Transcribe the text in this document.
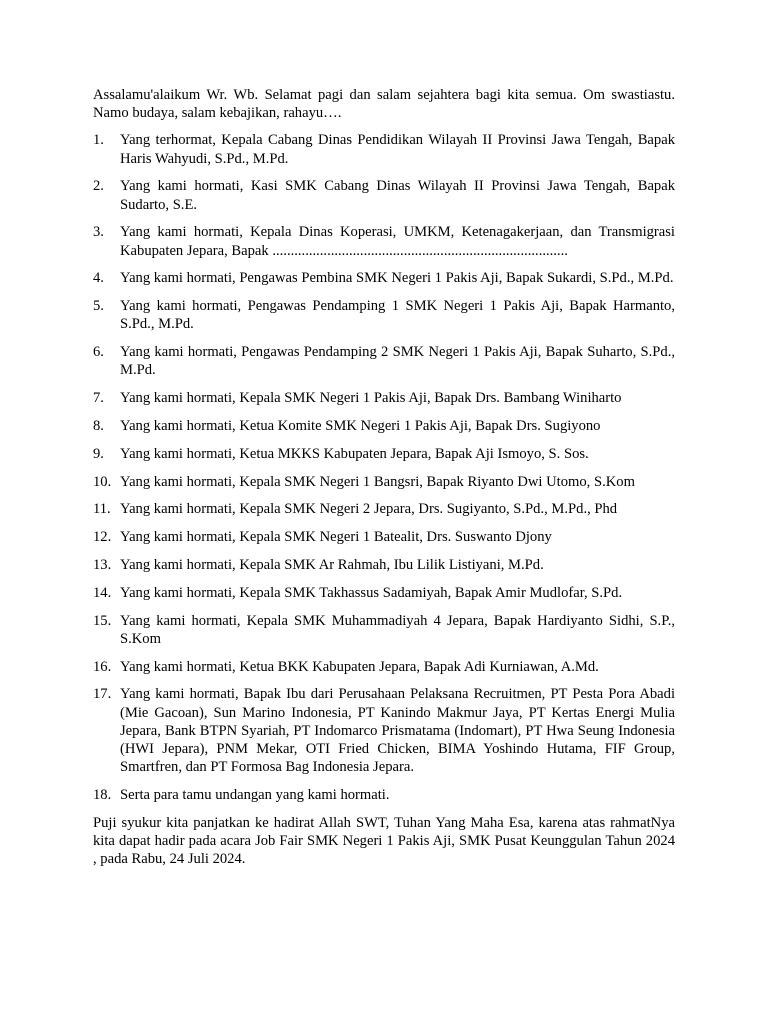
Assalamu'alaikum Wr. Wb. Selamat pagi dan salam sejahtera bagi kita semua. Om swastiastu. Namo budaya, salam kebajikan, rahayu….

1. Yang terhormat, Kepala Cabang Dinas Pendidikan Wilayah II Provinsi Jawa Tengah, Bapak Haris Wahyudi, S.Pd., M.Pd.
2. Yang kami hormati, Kasi SMK Cabang Dinas Wilayah II Provinsi Jawa Tengah, Bapak Sudarto, S.E.
3. Yang kami hormati, Kepala Dinas Koperasi, UMKM, Ketenagakerjaan, dan Transmigrasi Kabupaten Jepara, Bapak .................................................................................
4. Yang kami hormati, Pengawas Pembina SMK Negeri 1 Pakis Aji, Bapak Sukardi, S.Pd., M.Pd.
5. Yang kami hormati, Pengawas Pendamping 1 SMK Negeri 1 Pakis Aji, Bapak Harmanto, S.Pd., M.Pd.
6. Yang kami hormati, Pengawas Pendamping 2 SMK Negeri 1 Pakis Aji, Bapak Suharto, S.Pd., M.Pd.
7. Yang kami hormati, Kepala SMK Negeri 1 Pakis Aji, Bapak Drs. Bambang Winiharto
8. Yang kami hormati, Ketua Komite SMK Negeri 1 Pakis Aji, Bapak Drs. Sugiyono
9. Yang kami hormati, Ketua MKKS Kabupaten Jepara, Bapak Aji Ismoyo, S. Sos.
10. Yang kami hormati, Kepala SMK Negeri 1 Bangsri, Bapak Riyanto Dwi Utomo, S.Kom
11. Yang kami hormati, Kepala SMK Negeri 2 Jepara, Drs. Sugiyanto, S.Pd., M.Pd., Phd
12. Yang kami hormati, Kepala SMK Negeri 1 Batealit, Drs. Suswanto Djony
13. Yang kami hormati, Kepala SMK Ar Rahmah, Ibu Lilik Listiyani, M.Pd.
14. Yang kami hormati, Kepala SMK Takhassus Sadamiyah, Bapak Amir Mudlofar, S.Pd.
15. Yang kami hormati, Kepala SMK Muhammadiyah 4 Jepara, Bapak Hardiyanto Sidhi, S.P., S.Kom
16. Yang kami hormati, Ketua BKK Kabupaten Jepara, Bapak Adi Kurniawan, A.Md.
17. Yang kami hormati, Bapak Ibu dari Perusahaan Pelaksana Recruitmen, PT Pesta Pora Abadi (Mie Gacoan), Sun Marino Indonesia, PT Kanindo Makmur Jaya, PT Kertas Energi Mulia Jepara, Bank BTPN Syariah, PT Indomarco Prismatama (Indomart), PT Hwa Seung Indonesia (HWI Jepara), PNM Mekar, OTI Fried Chicken, BIMA Yoshindo Hutama, FIF Group, Smartfren, dan PT Formosa Bag Indonesia Jepara.
18. Serta para tamu undangan yang kami hormati.

Puji syukur kita panjatkan ke hadirat Allah SWT, Tuhan Yang Maha Esa, karena atas rahmatNya kita dapat hadir pada acara Job Fair SMK Negeri 1 Pakis Aji, SMK Pusat Keunggulan Tahun 2024 , pada Rabu, 24 Juli 2024.
